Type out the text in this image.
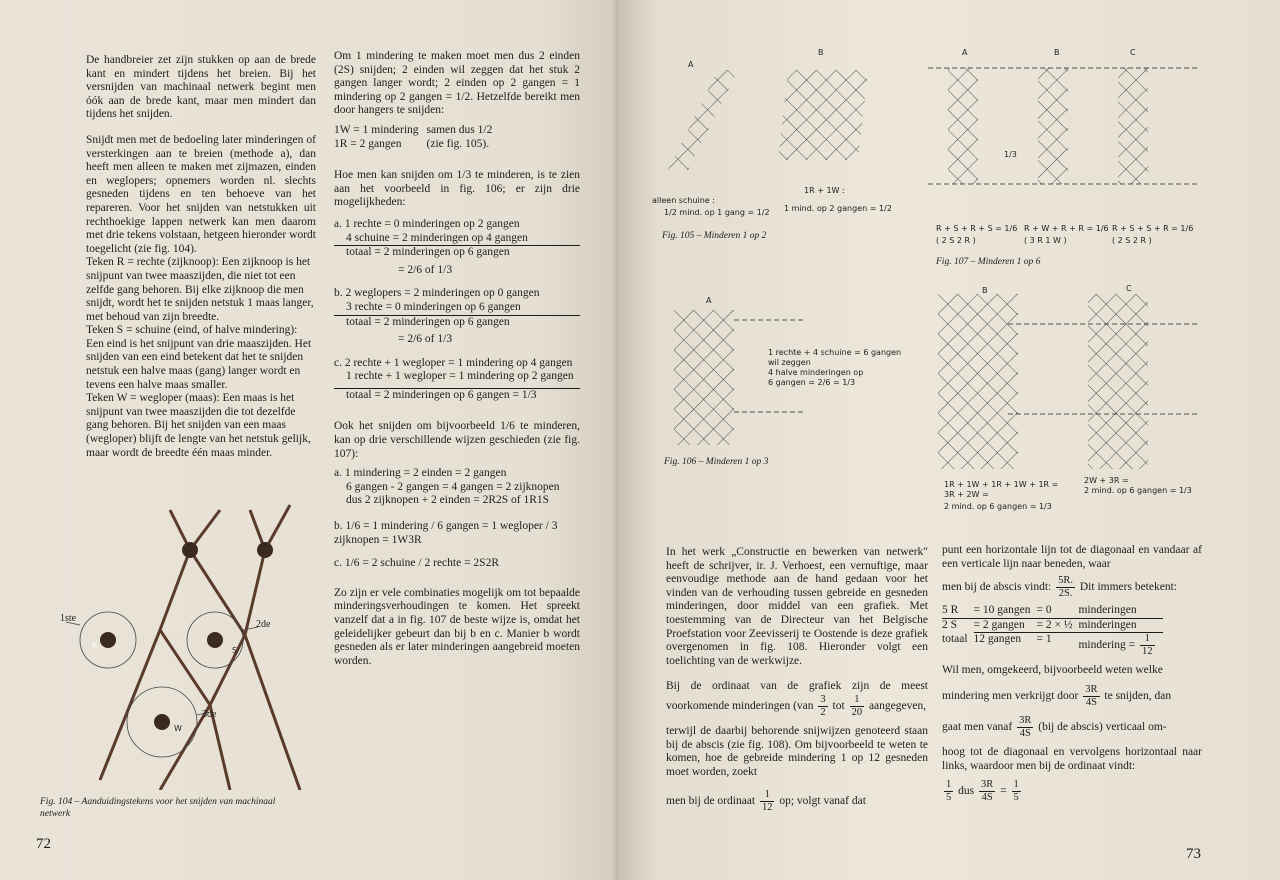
De handbreier zet zijn stukken op aan de brede kant en mindert tijdens het breien. Bij het versnijden van machinaal netwerk begint men óók aan de brede kant, maar men mindert dan tijdens het snijden.

Snijdt men met de bedoeling later minderingen of versterkingen aan te breien (methode a), dan heeft men alleen te maken met zijmazen, einden en weglopers; opnemers worden nl. slechts gesneden tijdens en ten behoeve van het repareren. Voor het snijden van netstukken uit rechthoekige lappen netwerk kan men daarom met drie tekens volstaan, hetgeen hieronder wordt toegelicht (zie fig. 104).

Teken R = rechte (zijknoop): Een zijknoop is het snijpunt van twee maaszijden, die niet tot een zelfde gang behoren. Bij elke zijknoop die men snijdt, wordt het te snijden netstuk 1 maas langer, met behoud van zijn breedte.

Teken S = schuine (eind, of halve mindering): Een eind is het snijpunt van drie maaszijden. Het snijden van een eind betekent dat het te snijden netstuk een halve maas (gang) langer wordt en tevens een halve maas smaller.

Teken W = wegloper (maas): Een maas is het snijpunt van twee maaszijden die tot dezelfde gang behoren. Bij het snijden van een maas (wegloper) blijft de lengte van het netstuk gelijk, maar wordt de breedte één maas minder.

1ste
2de
3de
R	S
W
Fig. 104 – Aanduidingstekens voor het snijden van machinaal netwerk
72

Om 1 mindering te maken moet men dus 2 einden (2S) snijden; 2 einden wil zeggen dat het stuk 2 gangen langer wordt; 2 einden op 2 gangen = 1 mindering op 2 gangen = 1/2. Hetzelfde bereikt men door hangers te snijden:

1W = 1 mindering
1R = 2 gangen
samen dus 1/2
(zie fig. 105).

Hoe men kan snijden om 1/3 te minderen, is te zien aan het voorbeeld in fig. 106; er zijn drie mogelijkheden:

a. 1 rechte = 0 minderingen op 2 gangen
4 schuine = 2 minderingen op 4 gangen
totaal = 2 minderingen op 6 gangen
= 2/6 of 1/3
b. 2 weglopers = 2 minderingen op 0 gangen
3 rechte = 0 minderingen op 6 gangen
totaal = 2 minderingen op 6 gangen
= 2/6 of 1/3
c. 2 rechte + 1 wegloper = 1 mindering op 4 gangen
1 rechte + 1 wegloper = 1 mindering op 2 gangen
totaal = 2 minderingen op 6 gangen = 1/3

Ook het snijden om bijvoorbeeld 1/6 te minderen, kan op drie verschillende wijzen geschieden (zie fig. 107):

a. 1 mindering = 2 einden = 2 gangen
6 gangen - 2 gangen = 4 gangen = 2 zijknopen
dus 2 zijknopen + 2 einden = 2R2S of 1R1S
b. 1/6 = 1 mindering / 6 gangen = 1 wegloper / 3 zijknopen = 1W3R
c. 1/6 = 2 schuine / 2 rechte = 2S2R

Zo zijn er vele combinaties mogelijk om tot bepaalde minderingsverhoudingen te komen. Het spreekt vanzelf dat a in fig. 107 de beste wijze is, omdat het geleidelijker gebeurt dan bij b en c. Manier b wordt gesneden als er later minderingen aangebreid moeten worden.

A
B
alleen schuine :
1/2 mind. op 1 gang = 1/2
1R + 1W :
1 mind. op 2 gangen = 1/2
Fig. 105 – Minderen 1 op 2
A	B	C
1/3
R + S + R + S = 1/6
( 2 S 2 R )
R + W + R + R = 1/6
( 3 R 1 W )
R + S + S + R = 1/6
( 2 S 2 R )
Fig. 107 – Minderen 1 op 6
A
1 rechte + 4 schuine = 6 gangen
wil zeggen
4 halve minderingen op
6 gangen = 2/6 = 1/3
Fig. 106 – Minderen 1 op 3
B	C
1R + 1W + 1R + 1W + 1R =
3R + 2W =
2 mind. op 6 gangen = 1/3
2W + 3R =
2 mind. op 6 gangen = 1/3

In het werk „Constructie en bewerken van netwerk" heeft de schrijver, ir. J. Verhoest, een vernuftige, maar eenvoudige methode aan de hand gedaan voor het vinden van de verhouding tussen gebreide en gesneden minderingen, door middel van een grafiek. Met toestemming van de Directeur van het Belgische Proefstation voor Zeevisserij te Oostende is deze grafiek overgenomen in fig. 108. Hieronder volgt een toelichting van de werkwijze.

Bij de ordinaat van de grafiek zijn de meest voorkomende minderingen ($van \frac{3}{2}$ tot $\frac{1}{20}$ aangegeven,

terwijl de daarbij behorende snijwijzen genoteerd staan bij de abscis (zie fig. 108). Om bijvoorbeeld te weten te komen, hoe de gebreide mindering 1 op 12 gesneden moet worden, zoekt

men bij de ordinaat $\frac{1}{12}$ op; volgt vanaf dat

punt een horizontale lijn tot de diagonaal en vandaar af een verticale lijn naar beneden, waar

men bij de abscis vindt: $\frac{5R.}{2S.}$ Dit immers betekent:

5 R	= 10 gangen	= 0	minderingen
2 S	= 2 gangen	= 2 × ½	minderingen
totaal	12 gangen	= 1	mindering = $\frac{1}{12}$

Wil men, omgekeerd, bijvoorbeeld weten welke

mindering men verkrijgt door $\frac{3R}{4S}$ te snijden, dan

gaat men vanaf $\frac{3R}{4S} (bij$ de abscis) verticaal om-

hoog tot de diagonaal en vervolgens horizontaal naar links, waardoor men bij de ordinaat vindt:

$\frac{1}{5}$ dus $\frac{3R}{4S} = \frac{1}{5}$

73
